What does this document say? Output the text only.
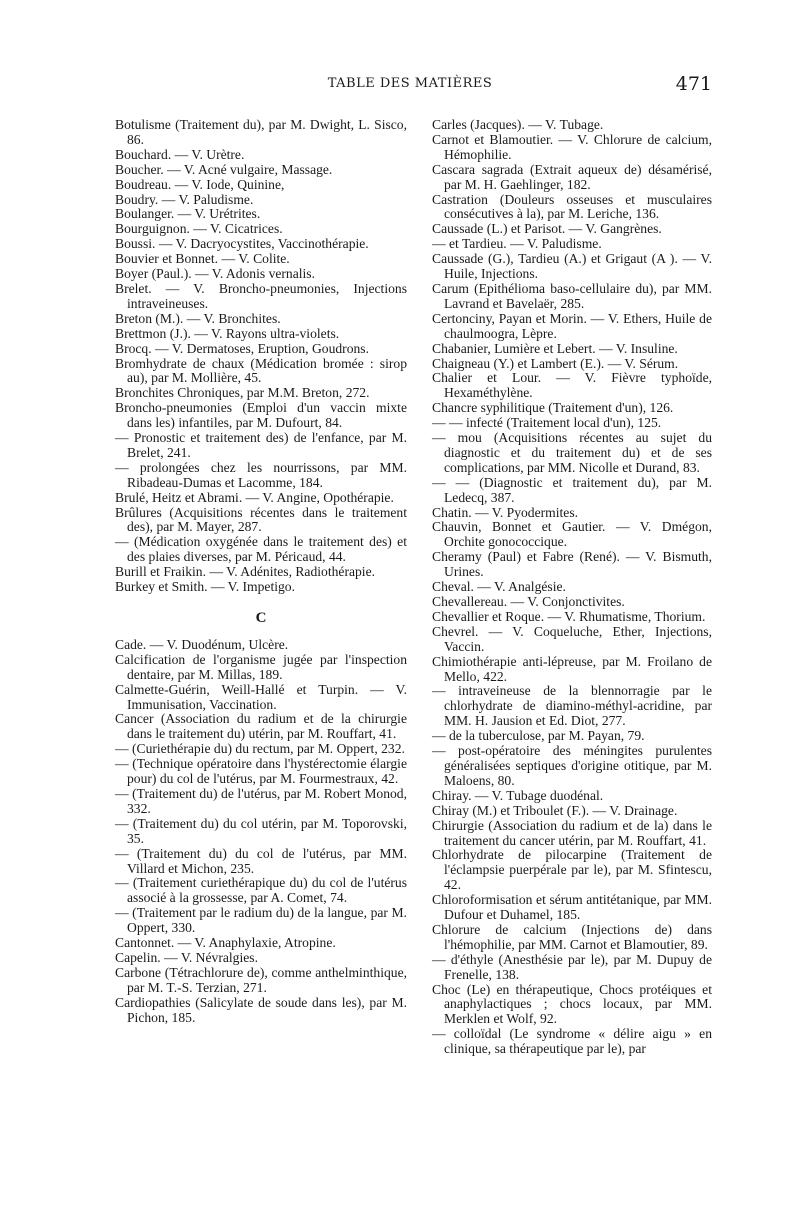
TABLE DES MATIÈRES	471

Botulisme (Traitement du), par M. Dwight, L. Sisco, 86.

Bouchard. — V. Urètre.

Boucher. — V. Acné vulgaire, Massage.

Boudreau. — V. Iode, Quinine,

Boudry. — V. Paludisme.

Boulanger. — V. Urétrites.

Bourguignon. — V. Cicatrices.

Boussi. — V. Dacryocystites, Vaccinothérapie.

Bouvier et Bonnet. — V. Colite.

Boyer (Paul.). — V. Adonis vernalis.

Brelet. — V. Broncho-pneumonies, Injections intraveineuses.

Breton (M.). — V. Bronchites.

Brettmon (J.). — V. Rayons ultra-violets.

Brocq. — V. Dermatoses, Eruption, Goudrons.

Bromhydrate de chaux (Médication bromée : sirop au), par M. Mollière, 45.

Bronchites Chroniques, par M.M. Breton, 272.

Broncho-pneumonies (Emploi d'un vaccin mixte dans les) infantiles, par M. Dufourt, 84.

— Pronostic et traitement des) de l'enfance, par M. Brelet, 241.

— prolongées chez les nourrissons, par MM. Ribadeau-Dumas et Lacomme, 184.

Brulé, Heitz et Abrami. — V. Angine, Opothérapie.

Brûlures (Acquisitions récentes dans le traitement des), par M. Mayer, 287.

— (Médication oxygénée dans le traitement des) et des plaies diverses, par M. Péricaud, 44.

Burill et Fraikin. — V. Adénites, Radiothérapie.

Burkey et Smith. — V. Impetigo.

C

Cade. — V. Duodénum, Ulcère.

Calcification de l'organisme jugée par l'inspection dentaire, par M. Millas, 189.

Calmette-Guérin, Weill-Hallé et Turpin. — V. Immunisation, Vaccination.

Cancer (Association du radium et de la chirurgie dans le traitement du) utérin, par M. Rouffart, 41.

— (Curiethérapie du) du rectum, par M. Oppert, 232.

— (Technique opératoire dans l'hystérectomie élargie pour) du col de l'utérus, par M. Fourmestraux, 42.

— (Traitement du) de l'utérus, par M. Robert Monod, 332.

— (Traitement du) du col utérin, par M. Toporovski, 35.

— (Traitement du) du col de l'utérus, par MM. Villard et Michon, 235.

— (Traitement curiethérapique du) du col de l'utérus associé à la grossesse, par A. Comet, 74.

— (Traitement par le radium du) de la langue, par M. Oppert, 330.

Cantonnet. — V. Anaphylaxie, Atropine.

Capelin. — V. Névralgies.

Carbone (Tétrachlorure de), comme anthelminthique, par M. T.-S. Terzian, 271.

Cardiopathies (Salicylate de soude dans les), par M. Pichon, 185.

Carles (Jacques). — V. Tubage.

Carnot et Blamoutier. — V. Chlorure de calcium, Hémophilie.

Cascara sagrada (Extrait aqueux de) désamérisé, par M. H. Gaehlinger, 182.

Castration (Douleurs osseuses et musculaires consécutives à la), par M. Leriche, 136.

Caussade (L.) et Parisot. — V. Gangrènes.

— et Tardieu. — V. Paludisme.

Caussade (G.), Tardieu (A.) et Grigaut (A ). — V. Huile, Injections.

Carum (Epithélioma baso-cellulaire du), par MM. Lavrand et Bavelaër, 285.

Certonciny, Payan et Morin. — V. Ethers, Huile de chaulmoogra, Lèpre.

Chabanier, Lumière et Lebert. — V. Insuline.

Chaigneau (Y.) et Lambert (E.). — V. Sérum.

Chalier et Lour. — V. Fièvre typhoïde, Hexaméthylène.

Chancre syphilitique (Traitement d'un), 126.

— — infecté (Traitement local d'un), 125.

— mou (Acquisitions récentes au sujet du diagnostic et du traitement du) et de ses complications, par MM. Nicolle et Durand, 83.

— — (Diagnostic et traitement du), par M. Ledecq, 387.

Chatin. — V. Pyodermites.

Chauvin, Bonnet et Gautier. — V. Dmégon, Orchite gonococcique.

Cheramy (Paul) et Fabre (René). — V. Bismuth, Urines.

Cheval. — V. Analgésie.

Chevallereau. — V. Conjonctivites.

Chevallier et Roque. — V. Rhumatisme, Thorium.

Chevrel. — V. Coqueluche, Ether, Injections, Vaccin.

Chimiothérapie anti-lépreuse, par M. Froilano de Mello, 422.

— intraveineuse de la blennorragie par le chlorhydrate de diamino-méthyl-acridine, par MM. H. Jausion et Ed. Diot, 277.

— de la tuberculose, par M. Payan, 79.

— post-opératoire des méningites purulentes généralisées septiques d'origine otitique, par M. Maloens, 80.

Chiray. — V. Tubage duodénal.

Chiray (M.) et Triboulet (F.). — V. Drainage.

Chirurgie (Association du radium et de la) dans le traitement du cancer utérin, par M. Rouffart, 41.

Chlorhydrate de pilocarpine (Traitement de l'éclampsie puerpérale par le), par M. Sfintescu, 42.

Chloroformisation et sérum antitétanique, par MM. Dufour et Duhamel, 185.

Chlorure de calcium (Injections de) dans l'hémophilie, par MM. Carnot et Blamoutier, 89.

— d'éthyle (Anesthésie par le), par M. Dupuy de Frenelle, 138.

Choc (Le) en thérapeutique, Chocs protéiques et anaphylactiques ; chocs locaux, par MM. Merklen et Wolf, 92.

— colloïdal (Le syndrome « délire aigu » en clinique, sa thérapeutique par le), par
